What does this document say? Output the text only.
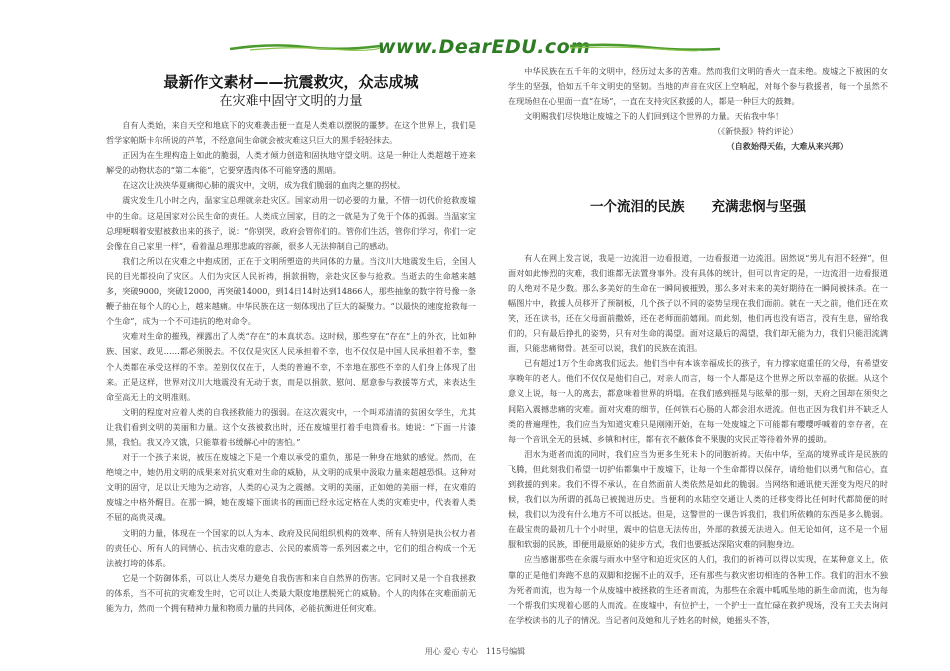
www.DearEDU.com
最新作文素材——抗震救灾，众志成城
在灾难中固守文明的力量

自有人类始，来自天空和地底下的灾难袭击便一直是人类难以摆脱的噩梦。在这个世界上，我们是哲学家帕斯卡尔所说的芦苇，不经意间生命就会被灾难这只巨大的黑手轻轻抹去。

正因为在生理构造上如此的脆弱，人类才倾力创造和固执地守望文明。这是一种让人类超越于迹来解受的动物状态的“第二本能”，它要穿透肉体不可能穿透的黑暗。

在这次让泱泱华夏痛彻心肺的震灾中，文明，成为我们脆弱的血肉之躯的拐杖。

震灾发生几小时之内，温家宝总理就亲赴灾区。国家动用一切必要的力量，不惜一切代价抢救废墟中的生命。这是国家对公民生命的责任。人类成立国家，目的之一就是为了免于个体的孤弱。当温家宝总理哽咽着安慰被救出来的孩子，说：“你别哭，政府会管你们的。管你们生活，管你们学习，你们一定会像在自己家里一样”，看着温总理那悲戚的容颜，很多人无法抑制自己的感动。

我们之所以在灾难之中抱成团，正在于文明所塑造的共同体的力量。当汶川大地震发生后，全国人民的目光都投向了灾区。人们为灾区人民祈祷，捐款捐物，亲赴灾区参与抢救。当逝去的生命越来越多，突破9000，突破12000，再突破14000，到14日14时达到14866人，那些抽象的数字符号像一条鞭子抽在每个人的心上，越来越痛。中华民族在这一刻体现出了巨大的凝聚力。“以最快的速度抢救每一个生命”，成为一个不可违抗的绝对命令。

灾难对生命的摧残，裸露出了人类“存在”的本真状态。这时候，那些穿在“存在”上的外衣，比如种族、国家、政见……都必须脱去。不仅仅是灾区人民承担着不幸，也不仅仅是中国人民承担着不幸，整个人类都在承受这样的不幸。差别仅仅在于，人类的普遍不幸，不幸地在那些不幸的人们身上体现了出来。正是这样，世界对汶川大地震没有无动于衷，而是以捐款、慰问、愿意参与救援等方式，来表达生命至高无上的文明准则。

文明的程度对应着人类的自我拯救能力的强弱。在这次震灾中，一个叫邓清清的贫困女学生，尤其让我们看到文明的美丽和力量。这个女孩被救出时，还在废墟里打着手电筒看书。她说：“下面一片漆黑，我怕。我又冷又饿，只能靠着书缓解心中的害怕。”

对于一个孩子来说，被压在废墟之下是一个难以承受的重负，那是一种身在地狱的感觉。然而，在绝境之中，她仍用文明的成果来对抗灾难对生命的威胁，从文明的成果中汲取力量来超越恐惧。这种对文明的固守，足以让天地为之动容，人类的心灵为之震撼。文明的美丽，正如她的美丽一样，在灾难的废墟之中格外醒目。在那一瞬，她在废墟下面读书的画面已经永远定格在人类的灾难史中，代表着人类不屈的高贵灵魂。

文明的力量，体现在一个国家的以人为本、政府及民间组织机构的效率、所有人特别是执公权力者的责任心、所有人的同情心、抗击灾难的意志、公民的素质等一系列因素之中，它们的组合构成一个无法被打垮的体系。

它是一个防御体系，可以让人类尽力避免自我伤害和来自自然界的伤害。它同时又是一个自我拯救的体系，当不可抗的灾难发生时，它可以让人类最大限度地摆脱死亡的威胁。个人的肉体在灾难面前无能为力，然而一个拥有精神力量和物质力量的共同体，必能抗衡进任何灾难。

中华民族在五千年的文明中，经历过太多的苦难。然而我们文明的香火一直未绝。废墟之下被困的女学生的坚强，恰如五千年文明史的坚韧。当地的声音在灾区上空响起，对每个参与救援者，每一个虽然不在现场但在心里面一直“在场”，一直在支持灾区救援的人，都是一种巨大的鼓舞。

文明赐我们尽快地让废墟之下的人们回到这个世界的力量。天佑我中华！

（《新快报》特约评论）

（自救始得天佑，大难从来兴邦）

一个流泪的民族　　充满悲悯与坚强

有人在网上发言说，我是一边流泪一边看报道，一边看报道一边流泪。固然说“男儿有泪不轻弹”，但面对如此惨烈的灾难，我们谁都无法置身事外。没有具体的统计，但可以肯定的是，一边流泪一边看报道的人绝对不是少数。那么多美好的生命在一瞬间被摧毁，那么多对未来的美好期待在一瞬间被抹杀。在一幅图片中，救援人员移开了预制板，几个孩子以不同的姿势呈现在我们面前。就在一天之前，他们还在欢笑，还在读书，还在父母面前撒娇，还在老师面前嬉闹。而此刻，他们再也没有语言，没有生息，留给我们的，只有最后挣扎的姿势，只有对生命的渴望。面对这最后的渴望，我们却无能为力，我们只能泪流满面，只能悲痛彻骨。甚至可以说，我们的民族在流泪。

已有超过1万个生命离我们远去。他们当中有本该幸福成长的孩子，有力撑家庭重任的父母，有希望安享晚年的老人。他们不仅仅是他们自己，对亲人而言，每一个人都是这个世界之所以幸福的依据。从这个意义上说，每一人的离去，都意味着世界的坍塌。在我们感到摇晃与眩晕的那一刻，天府之国却在须臾之间陷入震撼悲痛的灾难。面对灾难的细节，任何铁石心肠的人都会泪水迸流。但也正因为我们并不缺乏人类的普遍理性，我们应当为知道灾难只是刚刚开始，在每一处废墟之下可能都有嘤嘤呼喊着的幸存者，在每一个音讯全无的县城、乡镇和村庄，都有衣不蔽体食不果腹的灾民正等待着外界的援助。

泪水为逝者而流的同时，我们应当为更多生死未卜的同胞祈祷。天佑中华，至高的境界或许是民族的飞腾，但此刻我们希望一切护佑都集中于废墟下，让每一个生命都得以保存，请给他们以勇气和信心，直到救援的到来。我们不得不承认，在自然面前人类依然是如此的脆弱。当网络和通讯使天涯变为咫尺的时候，我们以为所谓的孤岛已被抛进历史。当便利的水陆空交通让人类的迁移变得比任何时代都简便的时候，我们以为没有什么地方不可以抵达。但是，这警世的一课告诉我们，我们所依赖的东西是多么脆弱。在最宝贵的最初几十个小时里，震中的信息无法传出，外部的救援无法进入。但无论如何，这不是一个屈服和软弱的民族，即便用最原始的徒步方式，我们也要抵达深陷灾难的同胞身边。

应当感谢那些在余震与雨水中坚守和迫近灾区的人们，我们的祈祷可以得以实现，在某种意义上，依靠的正是他们奔跑不息的双脚和挖掘不止的双手，还有那些与救灾密切相连的各种工作。我们的泪水不独为死者而流，也为每一个从废墟中被拯救的生还者而流，为那些在余震中呱呱坠地的新生命而流，也为每一个帮我们实现着心愿的人而流。在废墟中，有位护士，一个护士一直忙碌在救护现场，没有工夫去询问在学校读书的儿子的情况。当记者问及她和儿子姓名的时候，她摇头不答，

用心 爱心 专心　115号编辑
